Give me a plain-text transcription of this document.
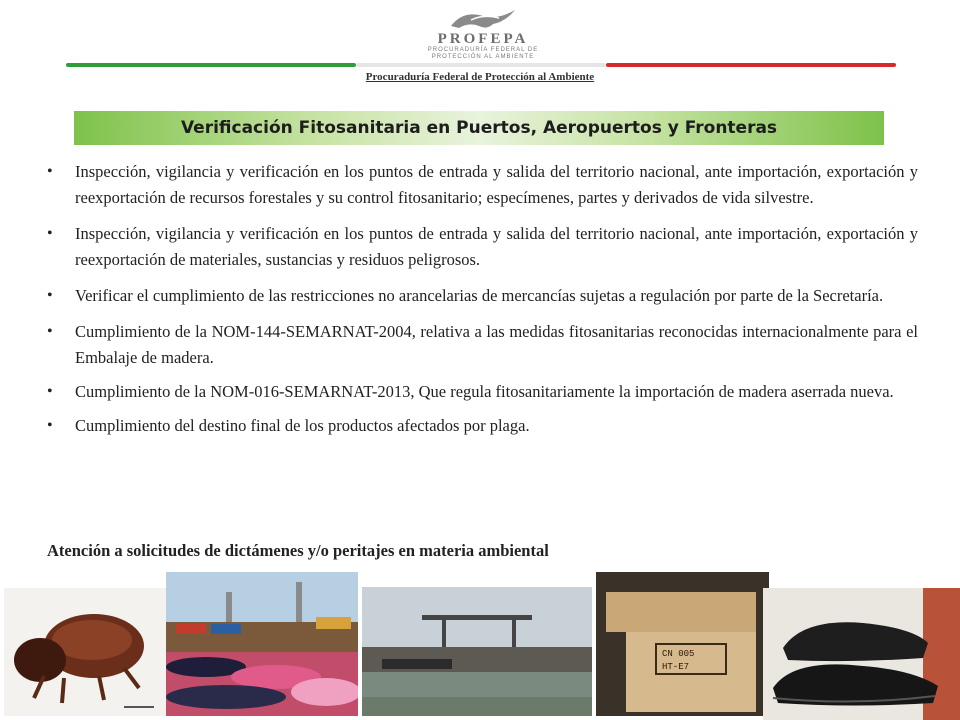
PROFEPA
PROCURADURÍA FEDERAL DE
PROTECCIÓN AL AMBIENTE
Procuraduría Federal de Protección al Ambiente
Verificación Fitosanitaria en Puertos, Aeropuertos y Fronteras
• Inspección, vigilancia y verificación en los puntos de entrada y salida del territorio nacional, ante importación, exportación y reexportación de recursos forestales y su control fitosanitario; especímenes, partes y derivados de vida silvestre.
• Inspección, vigilancia y verificación en los puntos de entrada y salida del territorio nacional, ante importación, exportación y reexportación de materiales, sustancias y residuos peligrosos.
• Verificar el cumplimiento de las restricciones no arancelarias de mercancías sujetas a regulación por parte de la Secretaría.
• Cumplimiento de la NOM-144-SEMARNAT-2004, relativa a las medidas fitosanitarias reconocidas internacionalmente para el Embalaje de madera.
• Cumplimiento de la NOM-016-SEMARNAT-2013, Que regula fitosanitariamente la importación de madera aserrada nueva.
• Cumplimiento del destino final de los productos afectados por plaga.
Atención a solicitudes de dictámenes y/o peritajes en materia ambiental
CN 005
HT-E7
